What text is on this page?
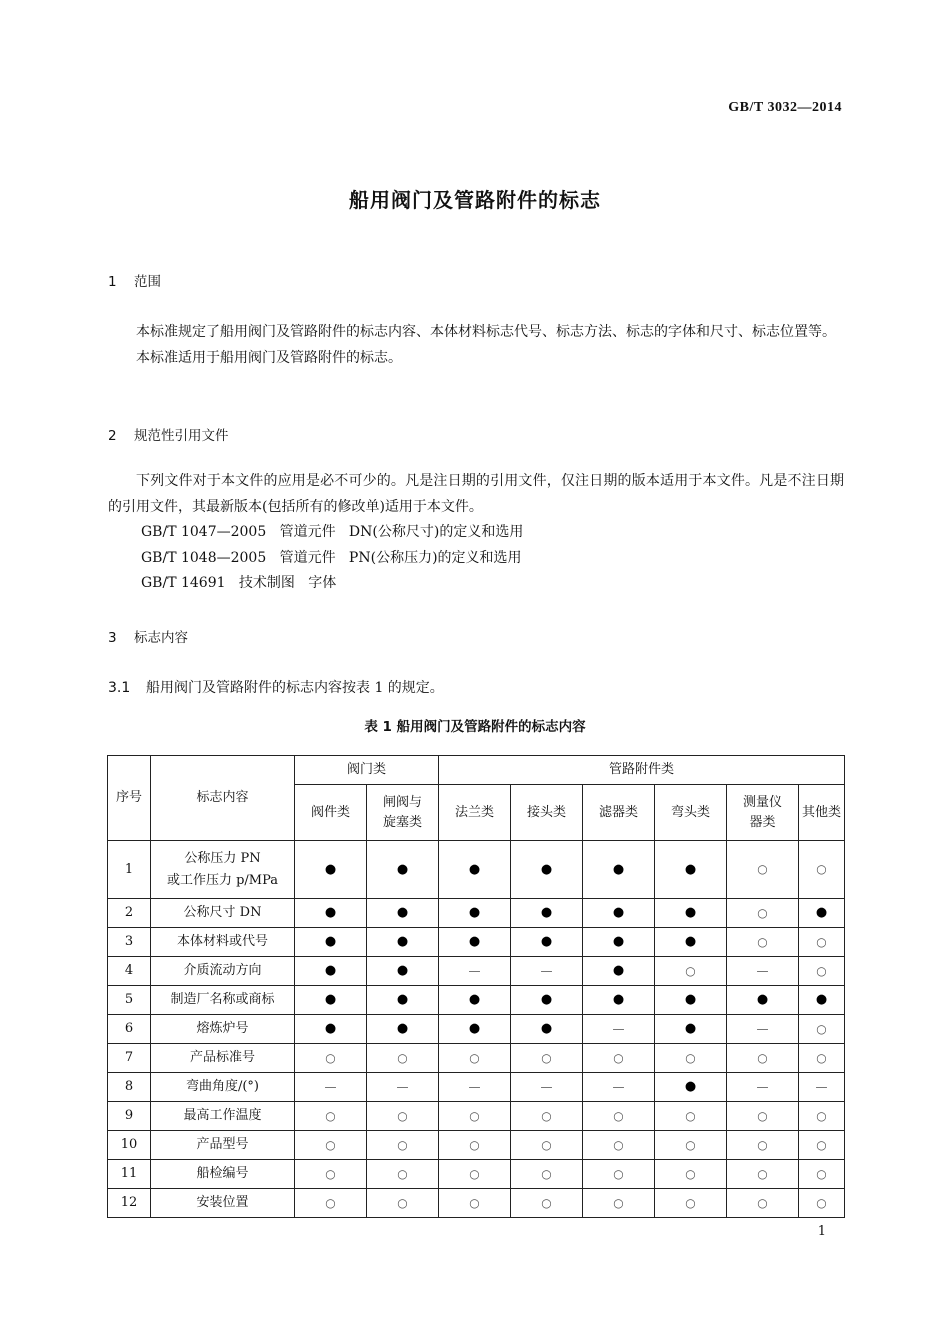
GB/T 3032—2014
船用阀门及管路附件的标志
1 范围

本标准规定了船用阀门及管路附件的标志内容、本体材料标志代号、标志方法、标志的字体和尺寸、标志位置等。

本标准适用于船用阀门及管路附件的标志。

2 规范性引用文件

下列文件对于本文件的应用是必不可少的。凡是注日期的引用文件，仅注日期的版本适用于本文件。凡是不注日期的引用文件，其最新版本(包括所有的修改单)适用于本文件。

GB/T 1047—2005   管道元件   DN(公称尺寸)的定义和选用
GB/T 1048—2005   管道元件   PN(公称压力)的定义和选用
GB/T 14691   技术制图   字体
3 标志内容
3.1 船用阀门及管路附件的标志内容按表 1 的规定。
表 1 船用阀门及管路附件的标志内容
序号	标志内容	阀门类		管路附件类					
		阀件类	闸阀与
旋塞类	法兰类	接头类	滤器类	弯头类	测量仪
器类	其他类
1	公称压力 PN
或工作压力 p/MPa	●	●	●	●	●	●	○	○
2	公称尺寸 DN	●	●	●	●	●	●	○	●
3	本体材料或代号	●	●	●	●	●	●	○	○
4	介质流动方向	●	●	—	—	●	○	—	○
5	制造厂名称或商标	●	●	●	●	●	●	●	●
6	熔炼炉号	●	●	●	●	—	●	—	○
7	产品标准号	○	○	○	○	○	○	○	○
8	弯曲角度/(°)	—	—	—	—	—	●	—	—
9	最高工作温度	○	○	○	○	○	○	○	○
10	产品型号	○	○	○	○	○	○	○	○
11	船检编号	○	○	○	○	○	○	○	○
12	安装位置	○	○	○	○	○	○	○	○
1
